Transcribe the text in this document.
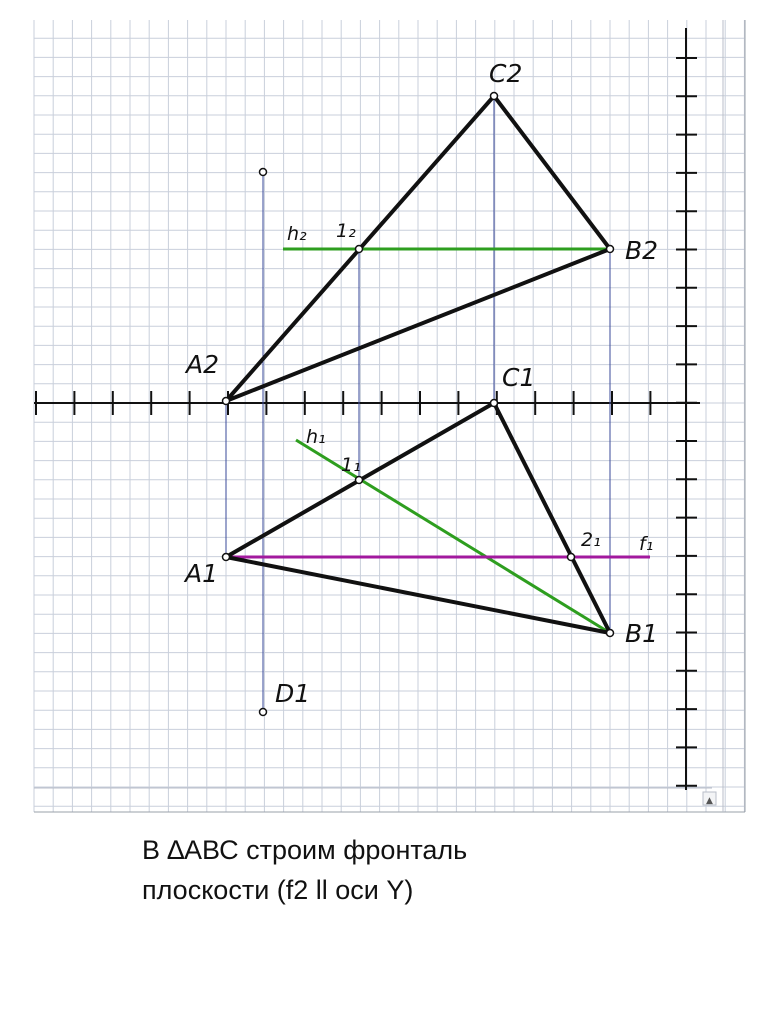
▲
C2
B2
A2
h₂ 1₂
C1
h₁
1₁
2₁ f₁
A1
B1
D1
В ∆АВС строим фронталь
плоскости (f2 ll оси Y)
